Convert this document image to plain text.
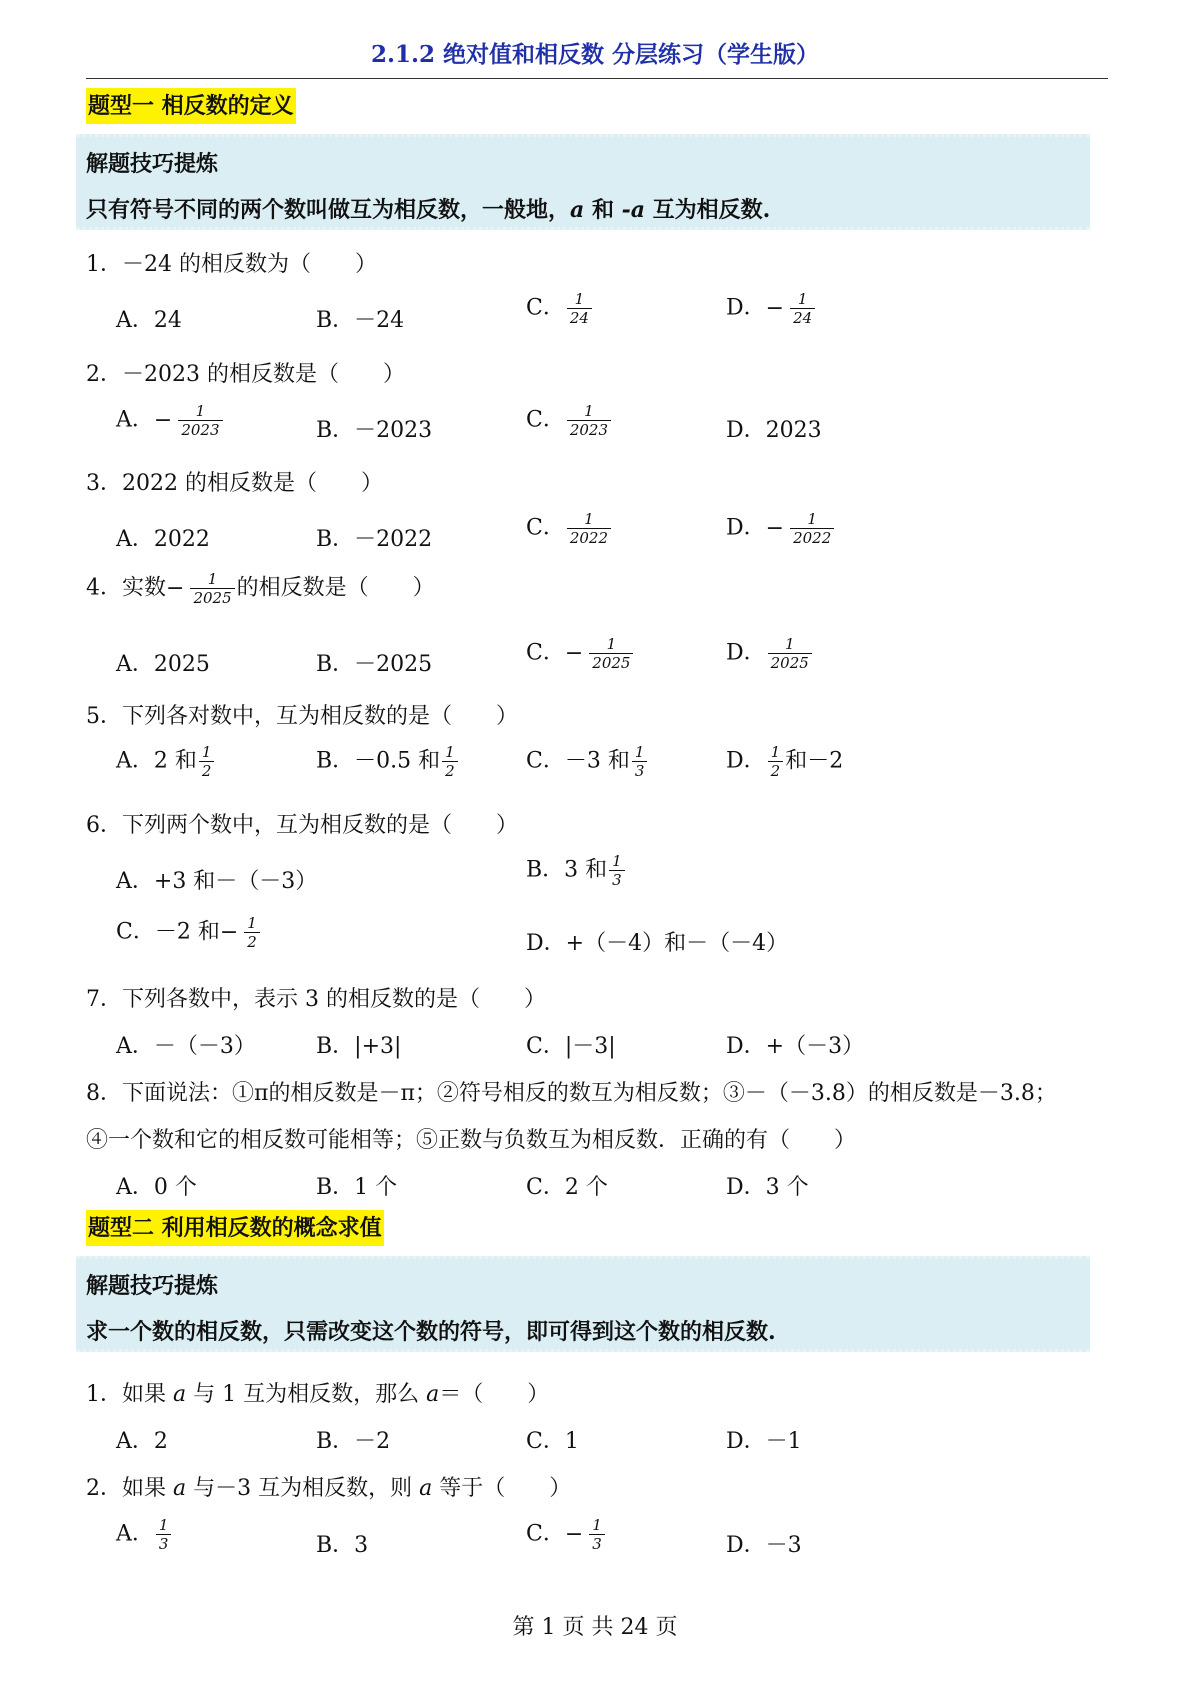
2.1.2 绝对值和相反数 分层练习（学生版）
题型一 相反数的定义
解题技巧提炼
只有符号不同的两个数叫做互为相反数，一般地，a 和 -a 互为相反数.
1．－24 的相反数为（　　）
A．24	B．－24	C． $\frac{1}{24}$	D．− $\frac{1}{24}$
2．－2023 的相反数是（　　）
A．− $\frac{1}{2023}$	B．－2023	C． $\frac{1}{2023}$	D．2023
3．2022 的相反数是（　　）
A．2022	B．－2022	C． $\frac{1}{2022}$	D．− $\frac{1}{2022}$
4．实数− $\frac{1}{2025}$ 的相反数是（　　）
A．2025	B．－2025	C．− $\frac{1}{2025}$	D． $\frac{1}{2025}$
5．下列各对数中，互为相反数的是（　　）
A．2 和 $\frac{1}{2}$	B．－0.5 和 $\frac{1}{2}$	C．－3 和 $\frac{1}{3}$	D． $\frac{1}{2}$ 和－2
6．下列两个数中，互为相反数的是（　　）
A．+3 和－（－3）	B．3 和 $\frac{1}{3}$
C．－2 和− $\frac{1}{2}$	D．+（－4）和－（－4）
7．下列各数中，表示 3 的相反数的是（　　）
A．－（－3）	B．|+3|	C．|－3|	D．+（－3）
8．下面说法：①π的相反数是－π；②符号相反的数互为相反数；③－（－3.8）的相反数是－3.8；
④一个数和它的相反数可能相等；⑤正数与负数互为相反数．正确的有（　　）
A．0 个	B．1 个	C．2 个	D．3 个
题型二 利用相反数的概念求值
解题技巧提炼
求一个数的相反数，只需改变这个数的符号，即可得到这个数的相反数.
1．如果 a 与 1 互为相反数，那么 a＝（　　）
A．2	B．－2	C．1	D．－1
2．如果 a 与－3 互为相反数，则 a 等于（　　）
A． $\frac{1}{3}$	B．3	C．− $\frac{1}{3}$	D．－3
第 1 页 共 24 页
